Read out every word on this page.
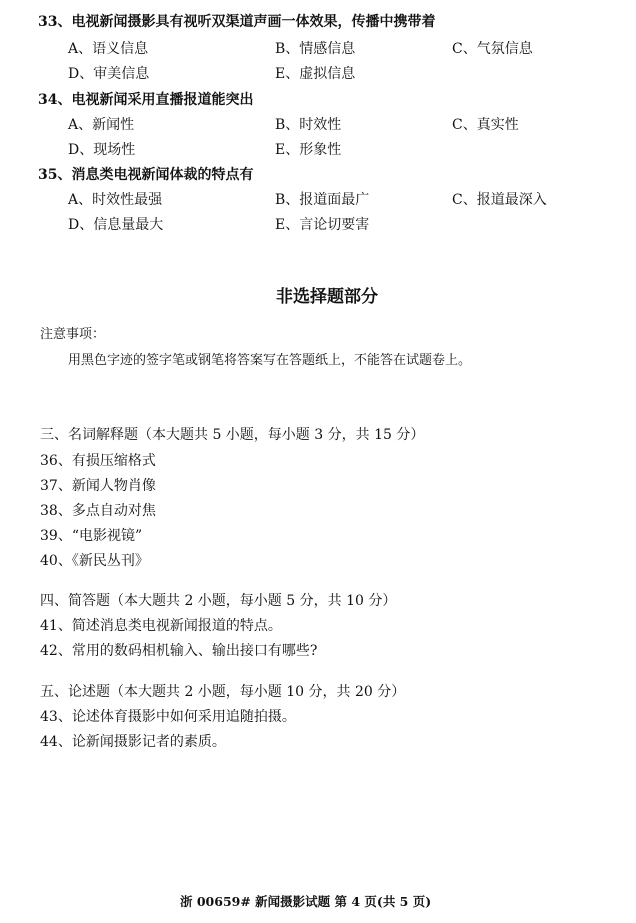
33、电视新闻摄影具有视听双渠道声画一体效果，传播中携带着
A、语义信息	B、情感信息	C、气氛信息
D、审美信息	E、虚拟信息
34、电视新闻采用直播报道能突出
A、新闻性	B、时效性	C、真实性
D、现场性	E、形象性
35、消息类电视新闻体裁的特点有
A、时效性最强	B、报道面最广	C、报道最深入
D、信息量最大	E、言论切要害
非选择题部分
注意事项：
用黑色字迹的签字笔或钢笔将答案写在答题纸上，不能答在试题卷上。
三、名词解释题（本大题共 5 小题，每小题 3 分，共 15 分）
36、有损压缩格式
37、新闻人物肖像
38、多点自动对焦
39、“电影视镜”
40、《新民丛刊》
四、简答题（本大题共 2 小题，每小题 5 分，共 10 分）
41、简述消息类电视新闻报道的特点。
42、常用的数码相机输入、输出接口有哪些?
五、论述题（本大题共 2 小题，每小题 10 分，共 20 分）
43、论述体育摄影中如何采用追随拍摄。
44、论新闻摄影记者的素质。
浙 00659# 新闻摄影试题 第 4 页(共 5 页)
